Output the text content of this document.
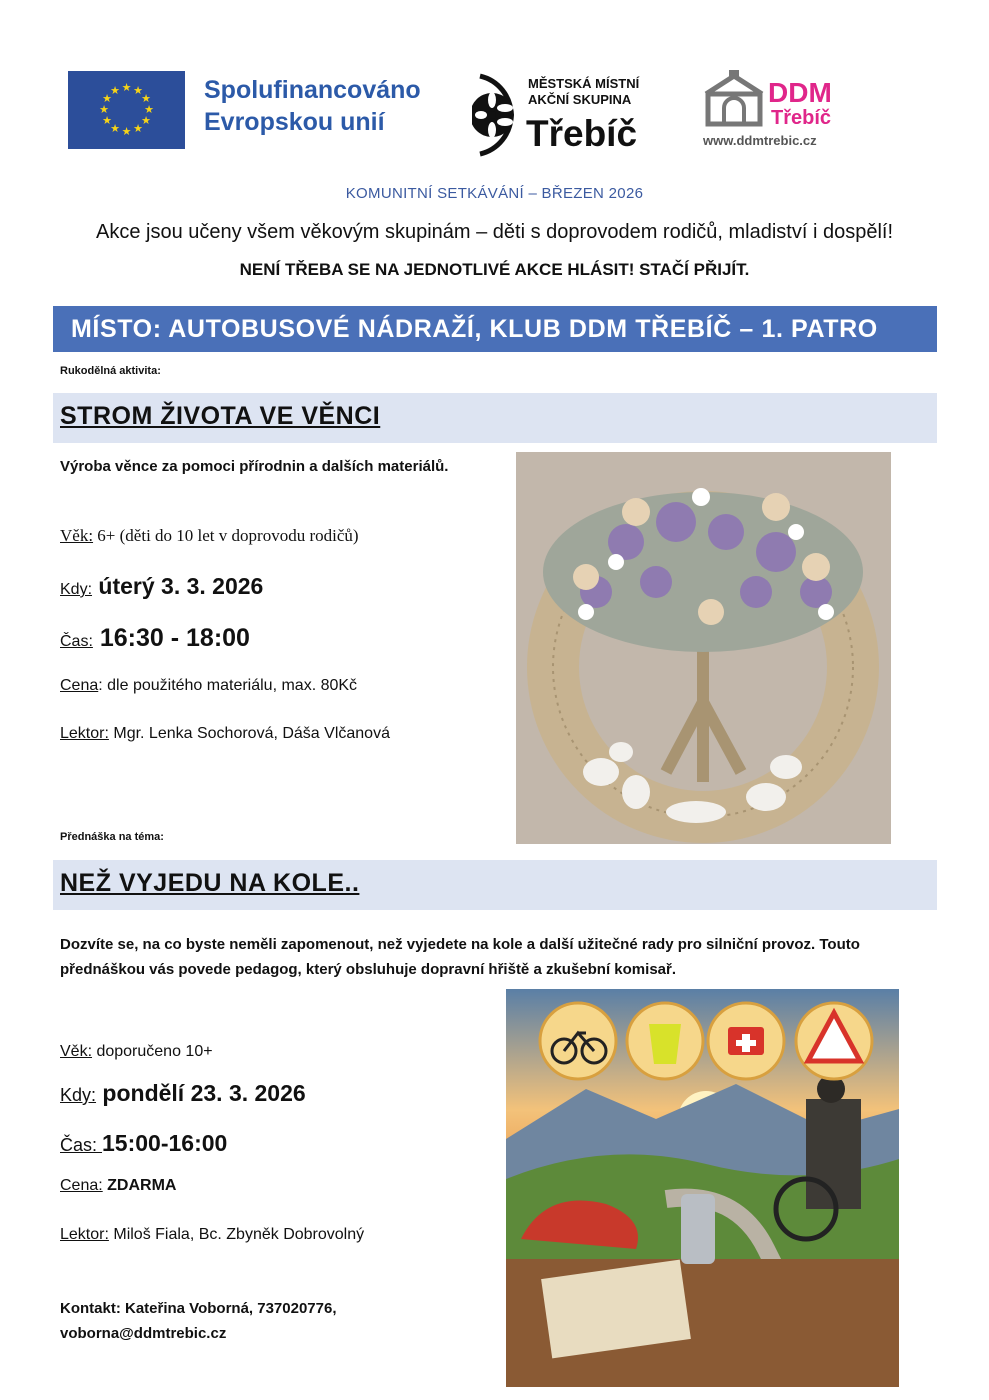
★ ★
★
★
★
★
★
★
★
★
★
★	Spolufinancováno
Evropskou unií
MĚSTSKÁ MÍSTNÍ
AKČNÍ SKUPINA
Třebíč
DDM
Třebíč
www.ddmtrebic.cz
KOMUNITNÍ SETKÁVÁNÍ – BŘEZEN 2026
Akce jsou učeny všem věkovým skupinám – děti s doprovodem rodičů, mladiství i dospělí!
NENÍ TŘEBA SE NA JEDNOTLIVÉ AKCE HLÁSIT! STAČÍ PŘIJÍT.
MÍSTO: AUTOBUSOVÉ NÁDRAŽÍ, KLUB DDM TŘEBÍČ – 1. PATRO
Rukodělná aktivita:
STROM ŽIVOTA VE VĚNCI
Výroba věnce za pomoci přírodnin a dalších materiálů.
Věk: 6+ (děti do 10 let v doprovodu rodičů)
Kdy: úterý 3. 3. 2026
Čas: 16:30 - 18:00
Cena: dle použitého materiálu, max. 80Kč
Lektor: Mgr. Lenka Sochorová, Dáša Vlčanová
Přednáška na téma:
NEŽ VYJEDU NA KOLE..
Dozvíte se, na co byste neměli zapomenout, než vyjedete na kole a další užitečné rady pro silniční provoz. Touto přednáškou vás povede pedagog, který obsluhuje dopravní hřiště a zkušební komisař.
Věk: doporučeno 10+
Kdy: pondělí 23. 3. 2026
Čas: 15:00-16:00
Cena: ZDARMA
Lektor: Miloš Fiala, Bc. Zbyněk Dobrovolný
Kontakt: Kateřina Voborná, 737020776,
voborna@ddmtrebic.cz
